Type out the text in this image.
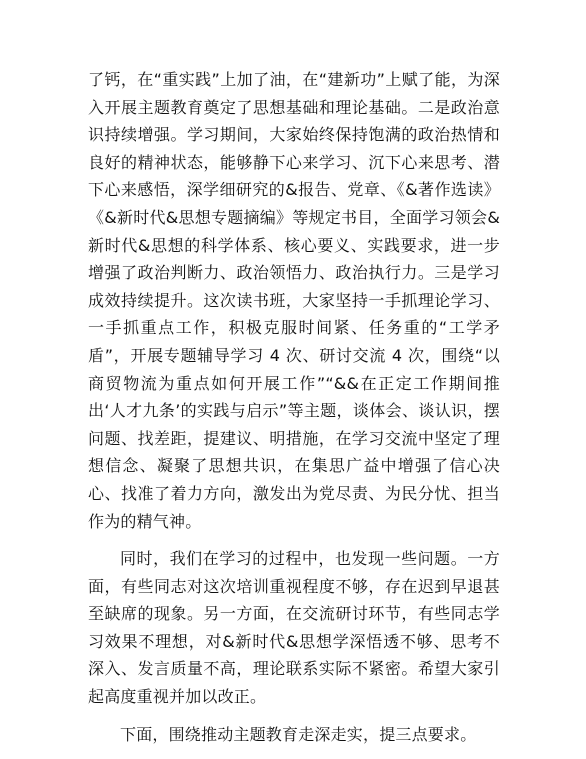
了钙，在“重实践”上加了油，在“建新功”上赋了能，为深入开展主题教育奠定了思想基础和理论基础。二是政治意识持续增强。学习期间，大家始终保持饱满的政治热情和良好的精神状态，能够静下心来学习、沉下心来思考、潜下心来感悟，深学细研究的&报告、党章、《&著作选读》《&新时代&思想专题摘编》等规定书目，全面学习领会&新时代&思想的科学体系、核心要义、实践要求，进一步增强了政治判断力、政治领悟力、政治执行力。三是学习成效持续提升。这次读书班，大家坚持一手抓理论学习、一手抓重点工作，积极克服时间紧、任务重的“工学矛盾”，开展专题辅导学习 4 次、研讨交流 4 次，围绕“以商贸物流为重点如何开展工作”“&&在正定工作期间推出‘人才九条’的实践与启示”等主题，谈体会、谈认识，摆问题、找差距，提建议、明措施，在学习交流中坚定了理想信念、凝聚了思想共识，在集思广益中增强了信心决心、找准了着力方向，激发出为党尽责、为民分忧、担当作为的精气神。

同时，我们在学习的过程中，也发现一些问题。一方面，有些同志对这次培训重视程度不够，存在迟到早退甚至缺席的现象。另一方面，在交流研讨环节，有些同志学习效果不理想，对&新时代&思想学深悟透不够、思考不深入、发言质量不高，理论联系实际不紧密。希望大家引起高度重视并加以改正。

下面，围绕推动主题教育走深走实，提三点要求。
